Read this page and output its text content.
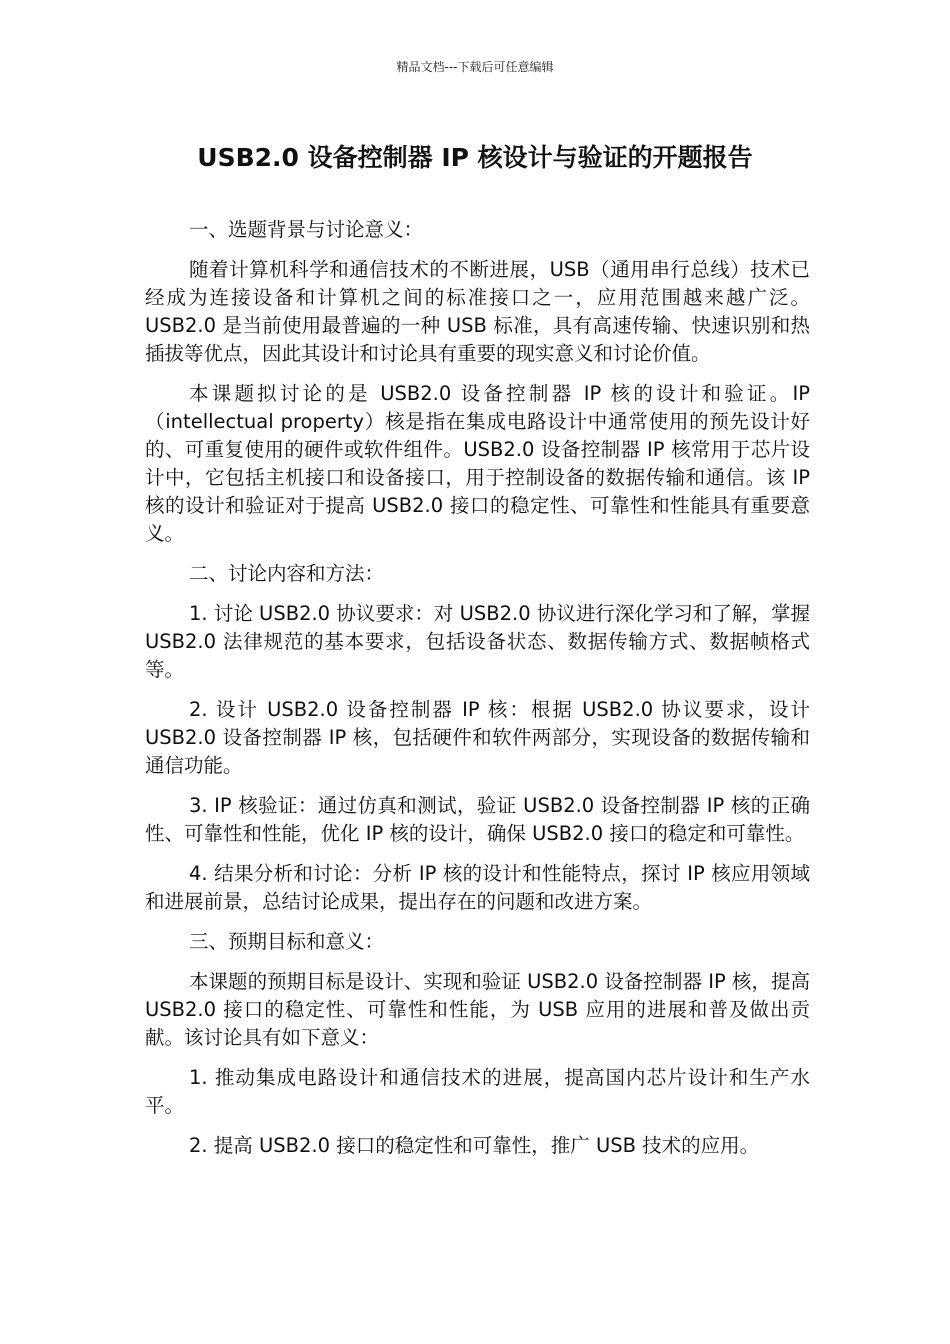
精品文档---下载后可任意编辑
USB2.0 设备控制器 IP 核设计与验证的开题报告

一、选题背景与讨论意义：

随着计算机科学和通信技术的不断进展，USB（通用串行总线）技术已经成为连接设备和计算机之间的标准接口之一，应用范围越来越广泛。USB2.0 是当前使用最普遍的一种 USB 标准，具有高速传输、快速识别和热插拔等优点，因此其设计和讨论具有重要的现实意义和讨论价值。

本课题拟讨论的是 USB2.0 设备控制器 IP 核的设计和验证。IP（intellectual property）核是指在集成电路设计中通常使用的预先设计好的、可重复使用的硬件或软件组件。USB2.0 设备控制器 IP 核常用于芯片设计中，它包括主机接口和设备接口，用于控制设备的数据传输和通信。该 IP 核的设计和验证对于提高 USB2.0 接口的稳定性、可靠性和性能具有重要意义。

二、讨论内容和方法：

1. 讨论 USB2.0 协议要求：对 USB2.0 协议进行深化学习和了解，掌握 USB2.0 法律规范的基本要求，包括设备状态、数据传输方式、数据帧格式等。

2. 设计 USB2.0 设备控制器 IP 核：根据 USB2.0 协议要求，设计 USB2.0 设备控制器 IP 核，包括硬件和软件两部分，实现设备的数据传输和通信功能。

3. IP 核验证：通过仿真和测试，验证 USB2.0 设备控制器 IP 核的正确性、可靠性和性能，优化 IP 核的设计，确保 USB2.0 接口的稳定和可靠性。

4. 结果分析和讨论：分析 IP 核的设计和性能特点，探讨 IP 核应用领域和进展前景，总结讨论成果，提出存在的问题和改进方案。

三、预期目标和意义：

本课题的预期目标是设计、实现和验证 USB2.0 设备控制器 IP 核，提高 USB2.0 接口的稳定性、可靠性和性能，为 USB 应用的进展和普及做出贡献。该讨论具有如下意义：

1. 推动集成电路设计和通信技术的进展，提高国内芯片设计和生产水平。

2. 提高 USB2.0 接口的稳定性和可靠性，推广 USB 技术的应用。
